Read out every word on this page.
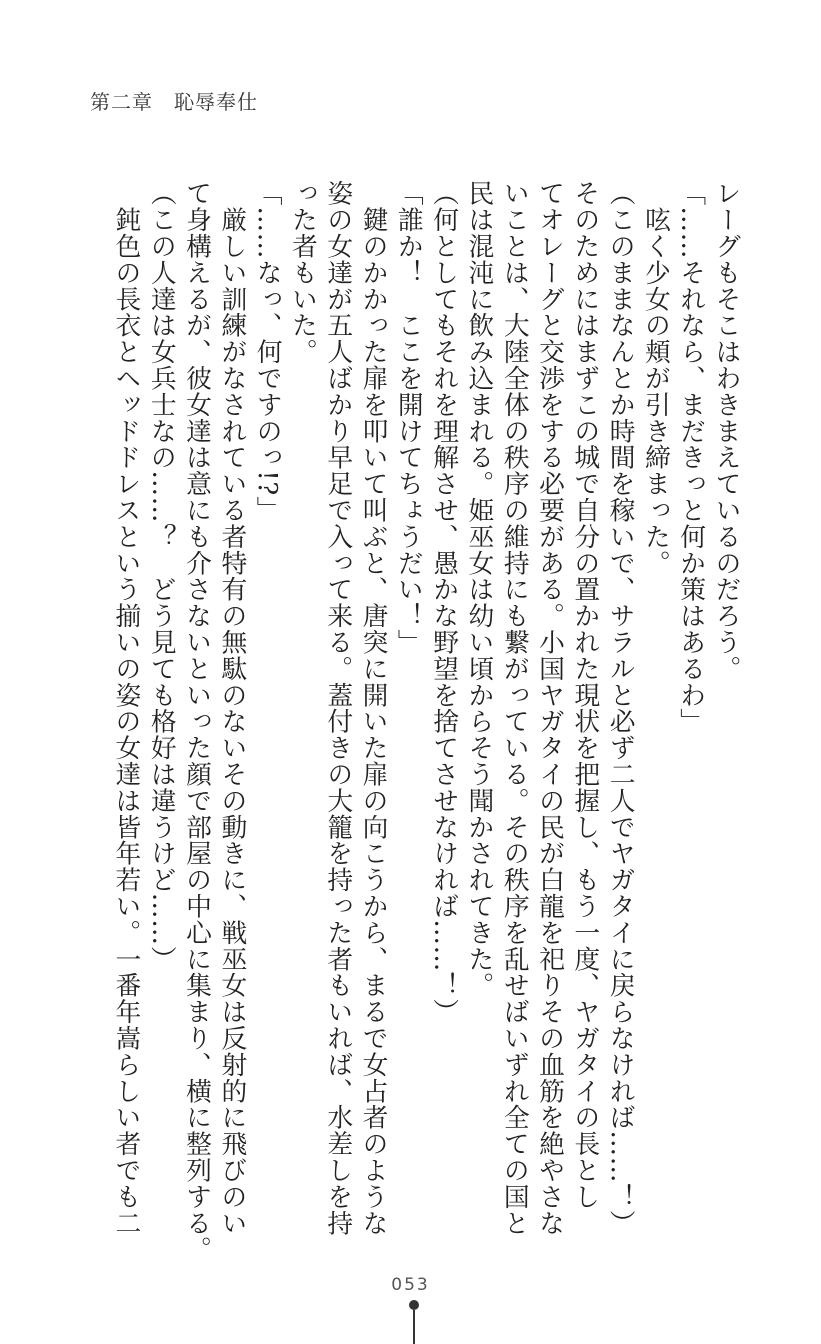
第二章　恥辱奉仕
レーグもそこはわきまえているのだろう。
「……それなら、まだきっと何か策はあるわ」
　呟く少女の頬が引き締まった。
（このままなんとか時間を稼いで、サラルと必ず二人でヤガタイに戻らなければ……！）
そのためにはまずこの城で自分の置かれた現状を把握し、もう一度、ヤガタイの長とし
てオレーグと交渉をする必要がある。小国ヤガタイの民が白龍を祀りその血筋を絶やさな
いことは、大陸全体の秩序の維持にも繋がっている。その秩序を乱せばいずれ全ての国と
民は混沌に飲み込まれる。姫巫女は幼い頃からそう聞かされてきた。
（何としてもそれを理解させ、愚かな野望を捨てさせなければ……！）
「誰か！　ここを開けてちょうだい！」
　鍵のかかった扉を叩いて叫ぶと、唐突に開いた扉の向こうから、まるで女占者のような
姿の女達が五人ばかり早足で入って来る。蓋付きの大籠を持った者もいれば、水差しを持
った者もいた。
「……なっ、何ですのっ!?」
　厳しい訓練がなされている者特有の無駄のないその動きに、戦巫女は反射的に飛びのい
て身構えるが、彼女達は意にも介さないといった顔で部屋の中心に集まり、横に整列する。
（この人達は女兵士なの……？　どう見ても格好は違うけど……）
　鈍色の長衣とヘッドドレスという揃いの姿の女達は皆年若い。一番年嵩らしい者でも二
053
